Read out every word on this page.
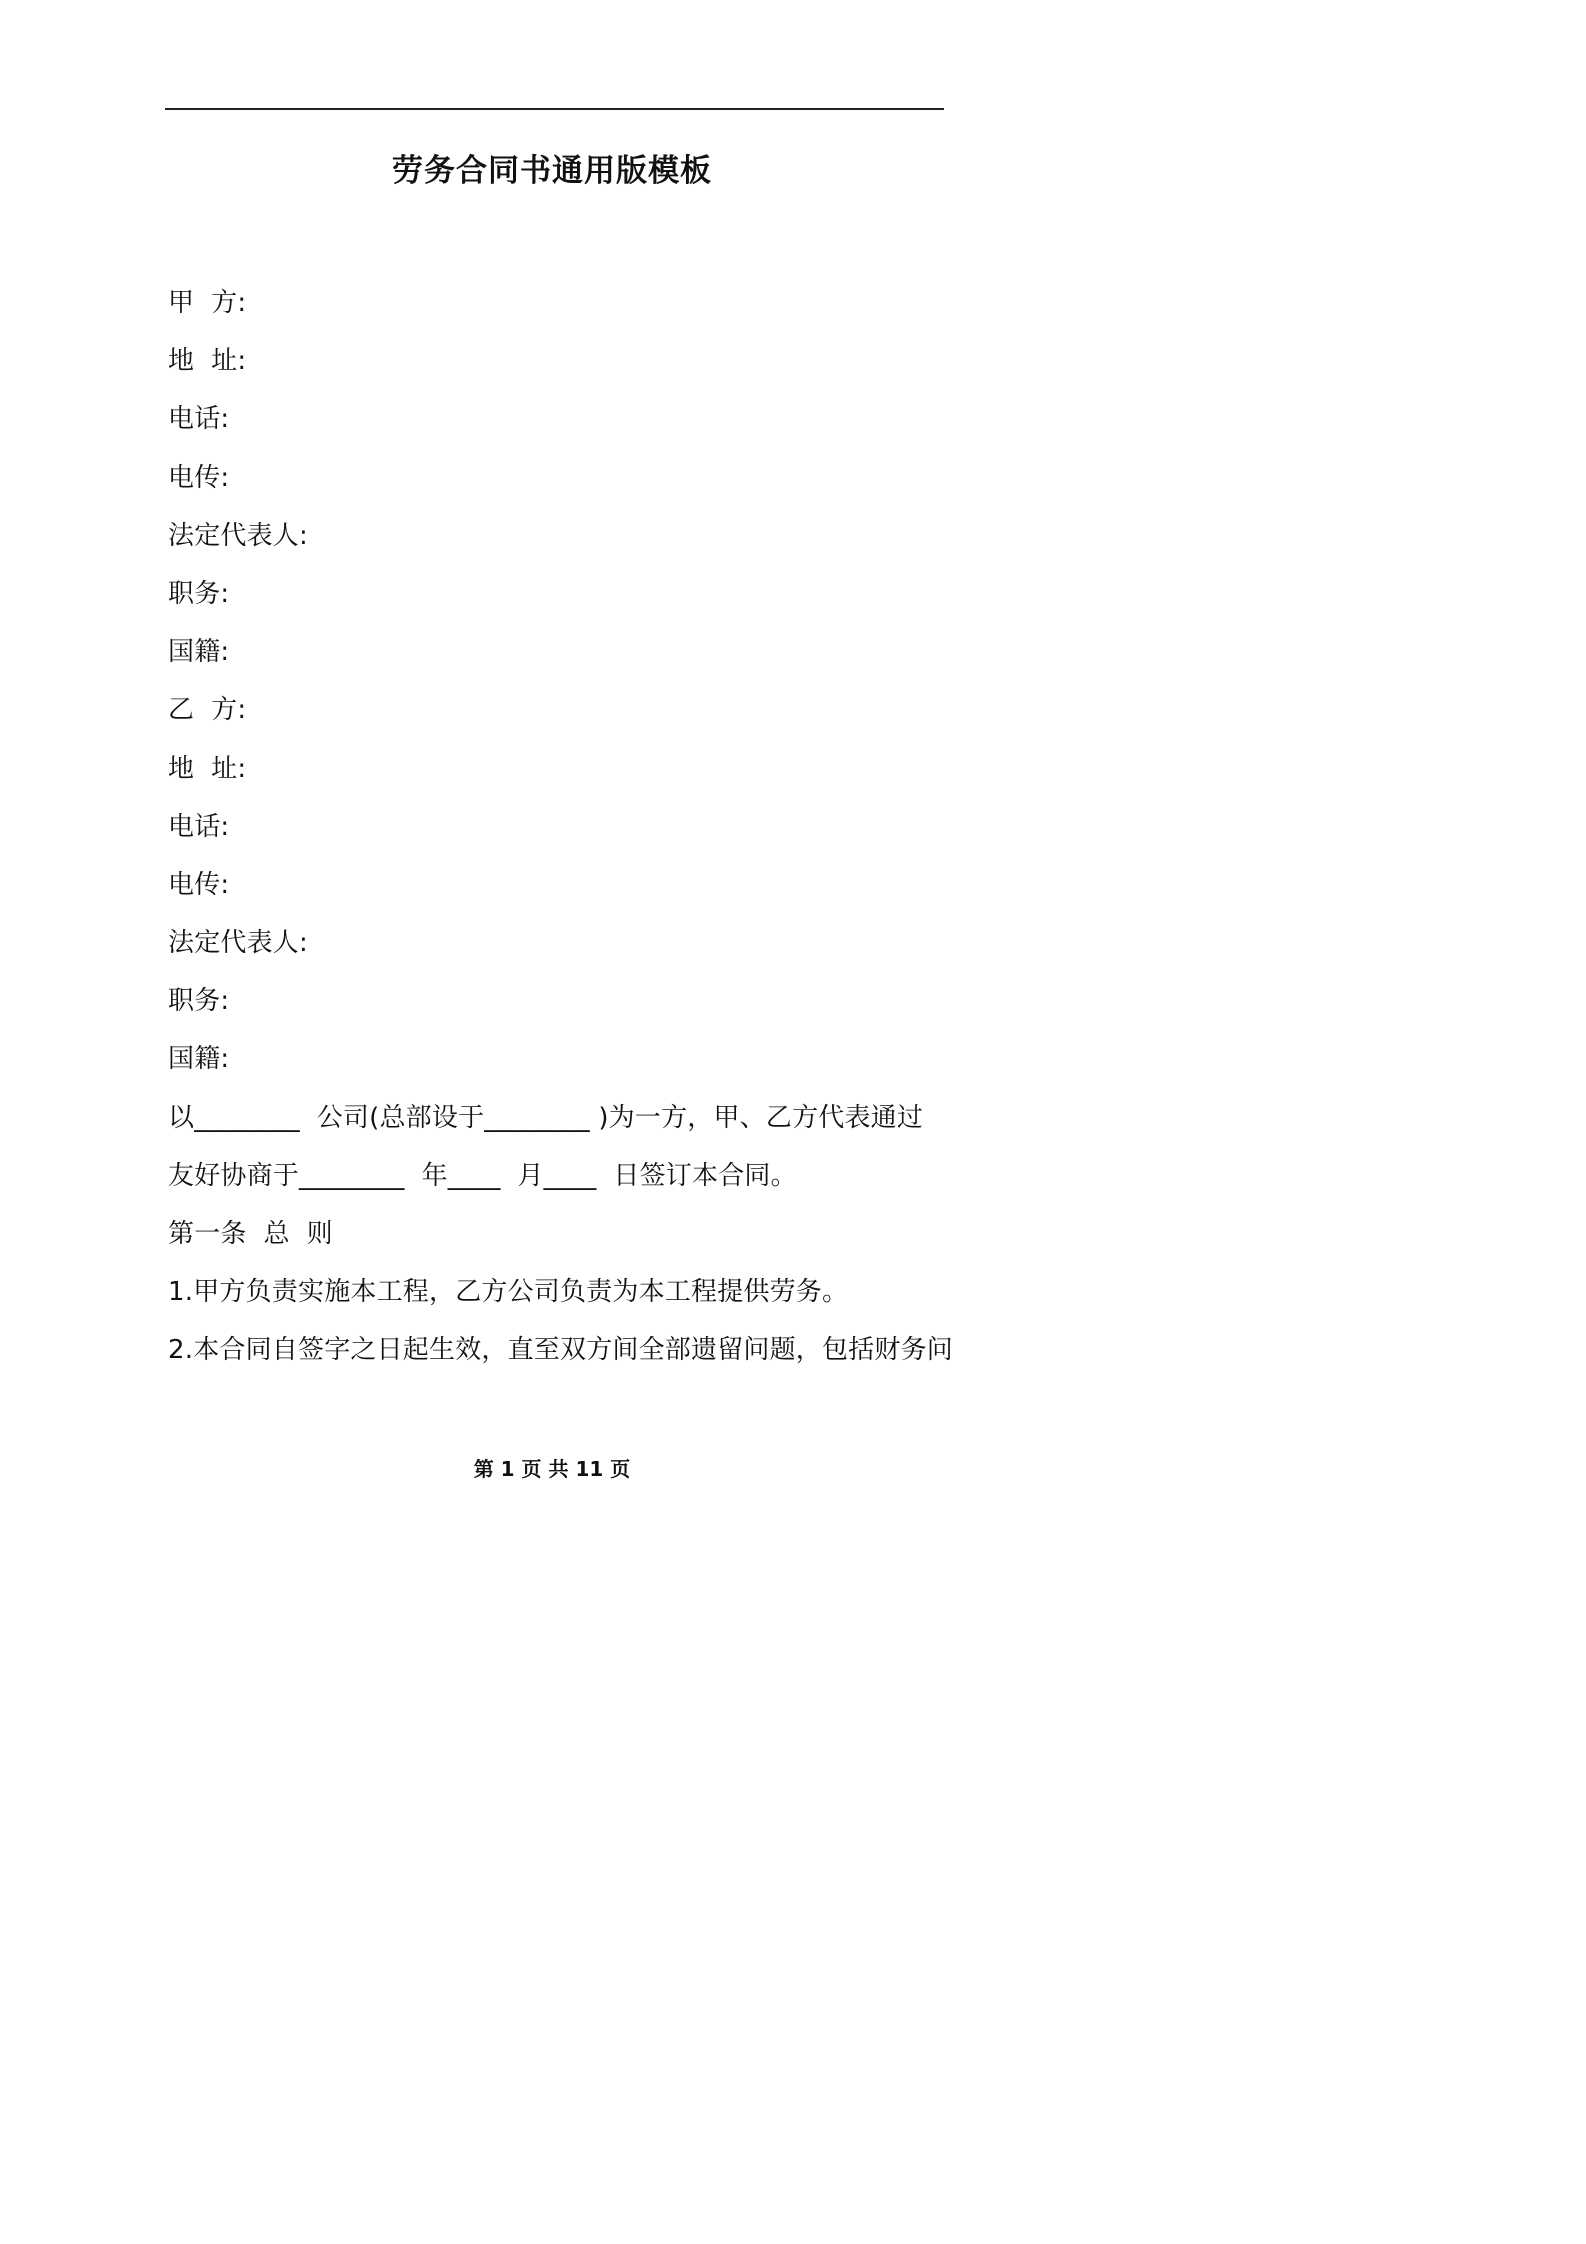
劳务合同书通用版模板
甲  方:
地  址:
电话:
电传:
法定代表人:
职务:
国籍:
乙  方:
地  址:
电话:
电传:
法定代表人:
职务:
国籍:
以________  公司(总部设于________ )为一方，甲、乙方代表通过
友好协商于________  年____  月____  日签订本合同。
第一条  总  则
1.甲方负责实施本工程，乙方公司负责为本工程提供劳务。
2.本合同自签字之日起生效，直至双方间全部遗留问题，包括财务问
第 1 页 共 11 页
